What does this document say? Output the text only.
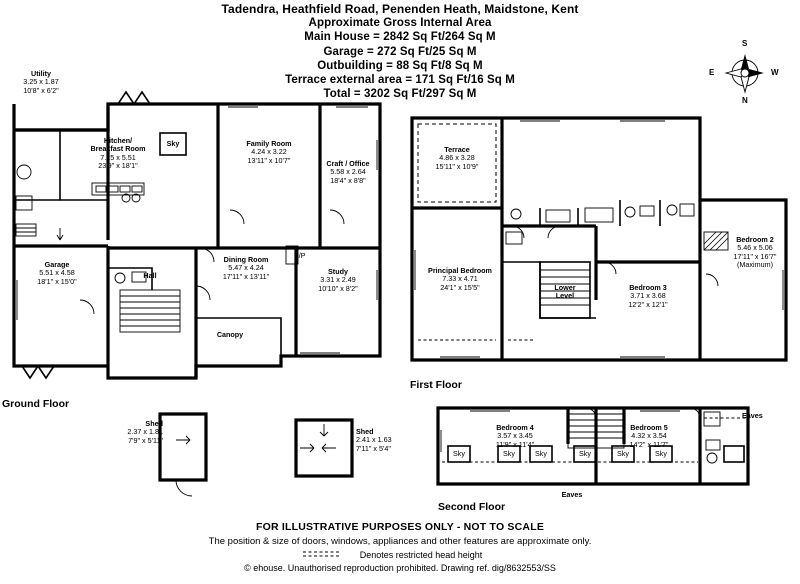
Tadendra, Heathfield Road, Penenden Heath, Maidstone, Kent
Approximate Gross Internal Area
Main House = 2842 Sq Ft/264 Sq M
Garage = 272 Sq Ft/25 Sq M
Outbuilding = 88 Sq Ft/8 Sq M
Terrace external area = 171 Sq Ft/16 Sq M
Total = 3202 Sq Ft/297 Sq M
Utility
3.25 x 1.87
10'8" x 6'2"
Kitchen/
Breakfast Room
7.25 x 5.51
23'9" x 18'1"
Sky	Family Room
4.24 x 3.22
13'11" x 10'7"	Craft / Office
5.58 x 2.64
18'4" x 8'8"
Dining Room
5.47 x 4.24
17'11" x 13'11"
F/P
Study
3.31 x 2.49
10'10" x 8'2"
Hall
Canopy
Garage
5.51 x 4.58
18'1" x 15'0"
Ground Floor
Shed
2.37 x 1.81
7'9" x 5'11"
Shed
2.41 x 1.63
7'11" x 5'4"
Terrace
4.86 x 3.28
15'11" x 10'9"
Principal Bedroom
7.33 x 4.71
24'1" x 15'5"	Lower
Level
Bedroom 3
3.71 x 3.68
12'2" x 12'1"
Bedroom 2
5.46 x 5.06
17'11" x 16'7"
(Maximum)
First Floor
Bedroom 4
3.57 x 3.45
11'9" x 11'4"
Bedroom 5
4.32 x 3.54
14'2" x 11'7"
Eaves
Eaves
Sky	Sky	Sky	Sky	Sky	Sky
Second Floor
S
N
E	W
FOR ILLUSTRATIVE PURPOSES ONLY - NOT TO SCALE
The position & size of doors, windows, appliances and other features are approximate only.
Denotes restricted head height
© ehouse. Unauthorised reproduction prohibited. Drawing ref. dig/8632553/SS
